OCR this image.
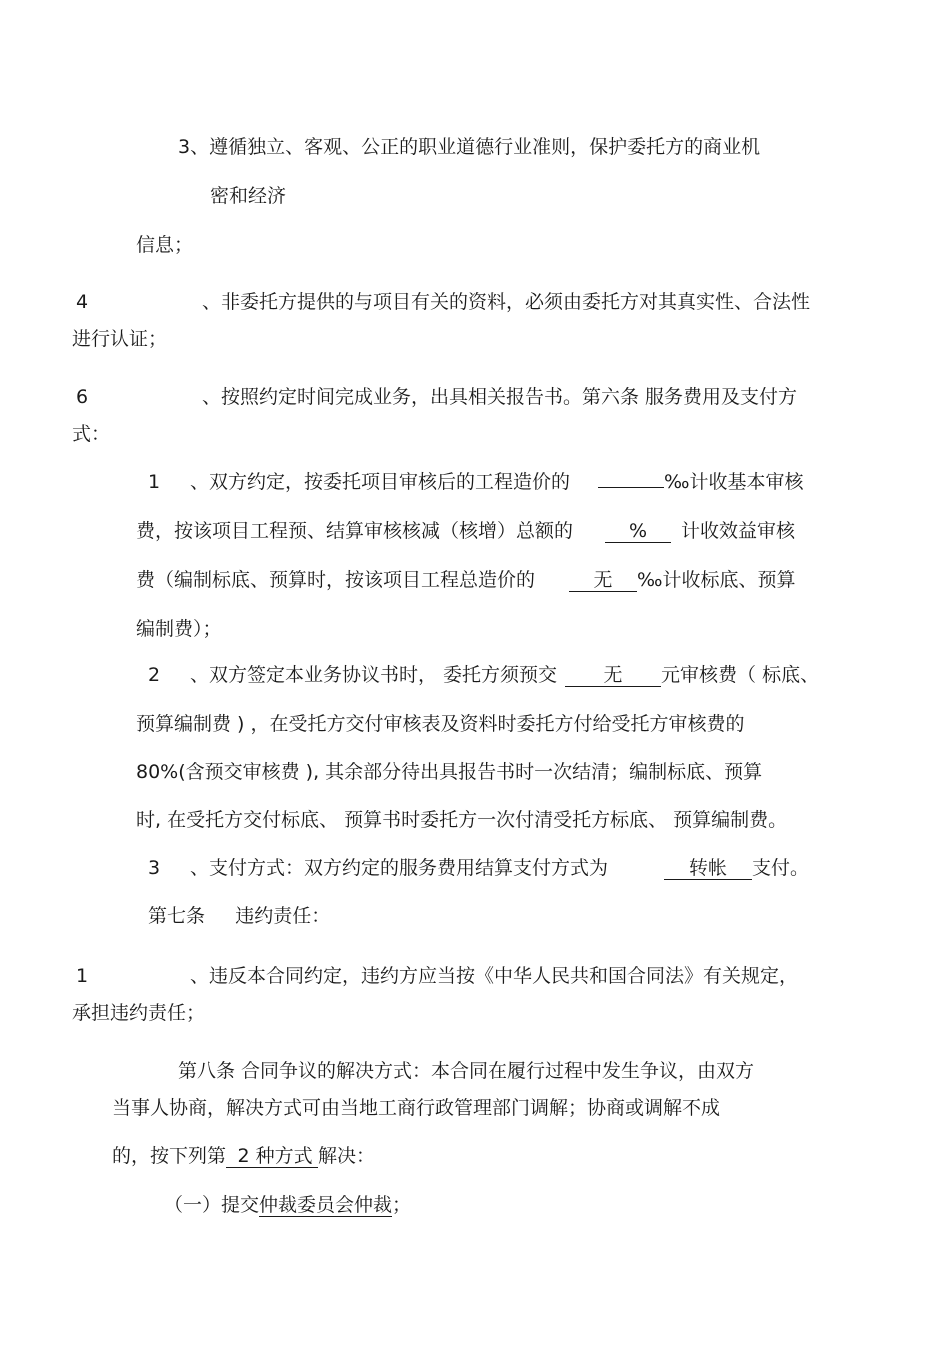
3、遵循独立、客观、公正的职业道德行业准则，保护委托方的商业机
密和经济
信息；
4	、非委托方提供的与项目有关的资料，必须由委托方对其真实性、合法性
进行认证；
6	、按照约定时间完成业务，出具相关报告书。第六条 服务费用及支付方
式：
1 、双方约定，按委托项目审核后的工程造价的	‰计收基本审核
费，按该项目工程预、结算审核核减（核增）总额的	% 计收效益审核
费（编制标底、预算时，按该项目工程总造价的	无 ‰计收标底、预算
编制费）；
2 、双方签定本业务协议书时， 委托方须预交 无 元审核费（ 标底、
预算编制费 ) ，在受托方交付审核表及资料时委托方付给受托方审核费的
80%(含预交审核费 ), 其余部分待出具报告书时一次结清；编制标底、预算
时, 在受托方交付标底、 预算书时委托方一次付清受托方标底、 预算编制费。
3 、支付方式：双方约定的服务费用结算支付方式为	转帐 支付。
第七条     违约责任：
1	、违反本合同约定，违约方应当按《中华人民共和国合同法》有关规定，
承担违约责任；
第八条 合同争议的解决方式：本合同在履行过程中发生争议，由双方
当事人协商，解决方式可由当地工商行政管理部门调解；协商或调解不成
的，按下列第 2 种方式 解决：
（一）提交仲裁委员会仲裁；
